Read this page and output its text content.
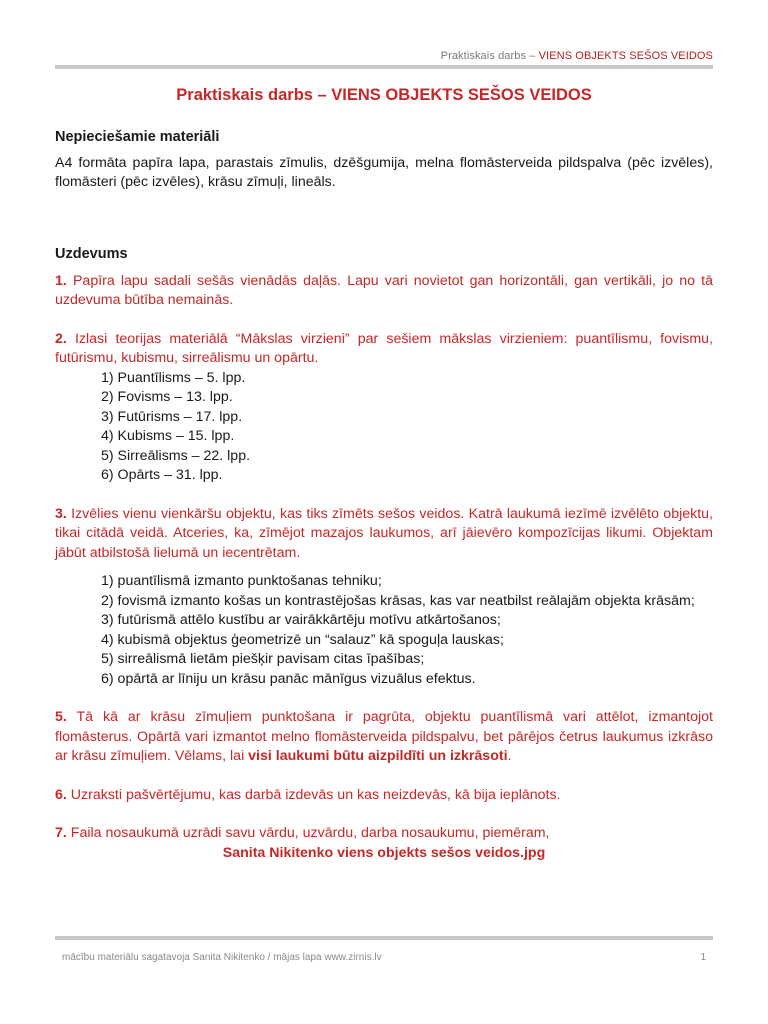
Praktiskais darbs – VIENS OBJEKTS SEŠOS VEIDOS
Praktiskais darbs – VIENS OBJEKTS SEŠOS VEIDOS
Nepieciešamie materiāli

A4 formāta papīra lapa, parastais zīmulis, dzēšgumija, melna flomāsterveida pildspalva (pēc izvēles), flomāsteri (pēc izvēles), krāsu zīmuļi, lineāls.

Uzdevums

1. Papīra lapu sadali sešās vienādās daļās. Lapu vari novietot gan horizontāli, gan vertikāli, jo no tā uzdevuma būtība nemainās.

2. Izlasi teorijas materiālā “Mākslas virzieni” par sešiem mākslas virzieniem: puantīlismu, fovismu, futūrismu, kubismu, sirreālismu un opārtu.

1) Puantīlisms – 5. lpp.
2) Fovisms – 13. lpp.
3) Futūrisms – 17. lpp.
4) Kubisms – 15. lpp.
5) Sirreālisms – 22. lpp.
6) Opārts – 31. lpp.

3. Izvēlies vienu vienkāršu objektu, kas tiks zīmēts sešos veidos. Katrā laukumā iezīmē izvēlēto objektu, tikai citādā veidā. Atceries, ka, zīmējot mazajos laukumos, arī jāievēro kompozīcijas likumi. Objektam jābūt atbilstošā lielumā un iecentrētam.

1) puantīlismā izmanto punktošanas tehniku;
2) fovismā izmanto košas un kontrastējošas krāsas, kas var neatbilst reālajām objekta krāsām;
3) futūrismā attēlo kustību ar vairākkārtēju motīvu atkārtošanos;
4) kubismā objektus ģeometrizē un “salauz” kā spoguļa lauskas;
5) sirreālismā lietām piešķir pavisam citas īpašības;
6) opārtā ar līniju un krāsu panāc mānīgus vizuālus efektus.

5. Tā kā ar krāsu zīmuļiem punktošana ir pagrūta, objektu puantīlismā vari attēlot, izmantojot flomāsterus. Opārtā vari izmantot melno flomāsterveida pildspalvu, bet pārējos četrus laukumus izkrāso ar krāsu zīmuļiem. Vēlams, lai visi laukumi būtu aizpildīti un izkrāsoti.

6. Uzraksti pašvērtējumu, kas darbā izdevās un kas neizdevās, kā bija ieplānots.

7. Faila nosaukumā uzrādi savu vārdu, uzvārdu, darba nosaukumu, piemēram,

Sanita Nikitenko viens objekts sešos veidos.jpg

mācību materiālu sagatavoja Sanita Nikitenko / mājas lapa www.zirnis.lv	1
